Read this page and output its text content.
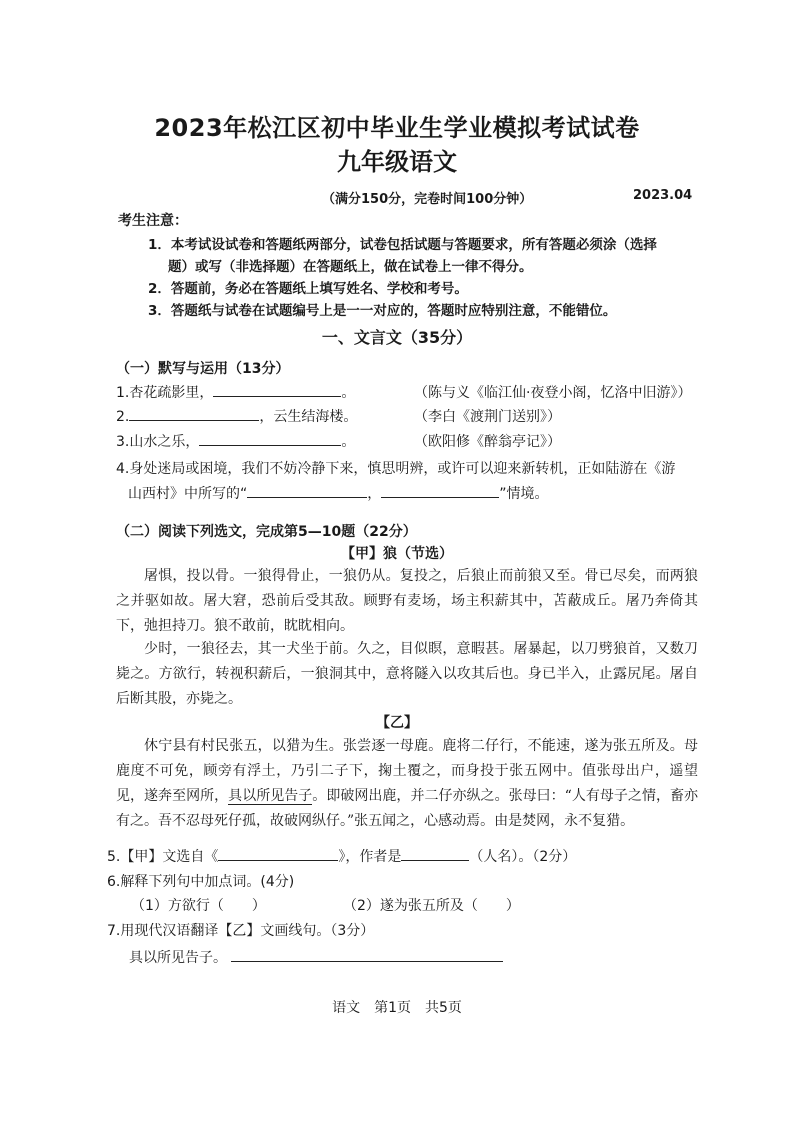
2023年松江区初中毕业生学业模拟考试试卷
九年级语文
（满分150分，完卷时间100分钟）	2023.04
考生注意：
1．本考试设试卷和答题纸两部分，试卷包括试题与答题要求，所有答题必须涂（选择
题）或写（非选择题）在答题纸上，做在试卷上一律不得分。
2．答题前，务必在答题纸上填写姓名、学校和考号。
3．答题纸与试卷在试题编号上是一一对应的，答题时应特别注意，不能错位。
一、文言文（35分）
（一）默写与运用（13分）
1.杏花疏影里，	。	（陈与义《临江仙·夜登小阁，忆洛中旧游》）
2.	，云生结海楼。	（李白《渡荆门送别》）
3.山水之乐，	。	（欧阳修《醉翁亭记》）
4.身处迷局或困境，我们不妨冷静下来，慎思明辨，或许可以迎来新转机，正如陆游在《游
山西村》中所写的“	，	”情境。
（二）阅读下列选文，完成第5—10题（22分）
【甲】狼（节选）
屠惧，投以骨。一狼得骨止，一狼仍从。复投之，后狼止而前狼又至。骨已尽矣，而两狼之并驱如故。屠大窘，恐前后受其敌。顾野有麦场，场主积薪其中，苫蔽成丘。屠乃奔倚其下，弛担持刀。狼不敢前，眈眈相向。
少时，一狼径去，其一犬坐于前。久之，目似瞑，意暇甚。屠暴起，以刀劈狼首，又数刀毙之。方欲行，转视积薪后，一狼洞其中，意将隧入以攻其后也。身已半入，止露尻尾。屠自后断其股，亦毙之。
【乙】
休宁县有村民张五，以猎为生。张尝逐一母鹿。鹿将二仔行，不能速，遂为张五所及。母鹿度不可免，顾旁有浮土，乃引二子下，掬土覆之，而身投于张五网中。值张母出户，遥望见，遂奔至网所，具以所见告子。即破网出鹿，并二仔亦纵之。张母曰：“人有母子之情，畜亦有之。吾不忍母死仔孤，故破网纵仔。”张五闻之，心感动焉。由是焚网，永不复猎。
5.【甲】文选自《	》，作者是	（人名）。（2分）
6.解释下列句中加点词。(4分)
（1）方欲行（　　）	（2）遂为张五所及（　　）
7.用现代汉语翻译【乙】文画线句。（3分）
具以所见告子。
语文　第1页　共5页
